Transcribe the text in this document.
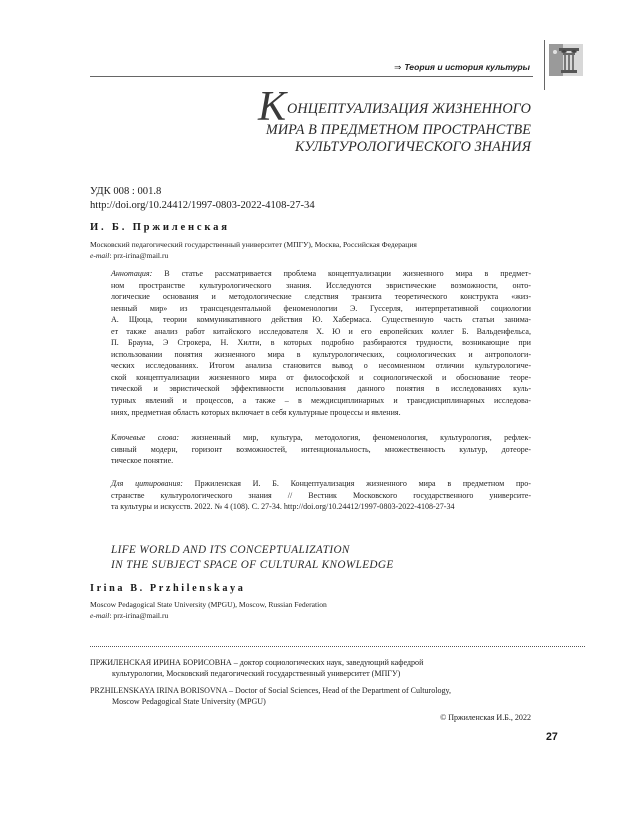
⇒ Теория и история культуры
КОНЦЕПТУАЛИЗАЦИЯ ЖИЗНЕННОГО
МИРА В ПРЕДМЕТНОМ ПРОСТРАНСТВЕ
КУЛЬТУРОЛОГИЧЕСКОГО ЗНАНИЯ
УДК 008 : 001.8
http://doi.org/10.24412/1997-0803-2022-4108-27-34
И. Б. Пржиленская
Московский педагогический государственный университет (МПГУ), Москва, Российская Федерация
e-mail: prz-irina@mail.ru
Аннотация: В статье рассматривается проблема концептуализации жизненного мира в предмет-
ном пространстве культурологического знания. Исследуются эвристические возможности, онто-
логические основания и методологические следствия транзита теоретического конструкта «жиз-
ненный мир» из трансцендентальной феноменологии Э. Гуссерля, интерпретативной социологии
А. Щюца, теории коммуникативного действия Ю. Хабермаса. Существенную часть статьи занима-
ет также анализ работ китайского исследователя Х. Ю и его европейских коллег Б. Вальденфельса,
П. Брауна, Э Строкера, Н. Хилти, в которых подробно разбираются трудности, возникающие при
использовании понятия жизненного мира в культурологических, социологических и антропологи-
ческих исследованиях. Итогом анализа становится вывод о несомненном отличии культурологиче-
ской концептуализации жизненного мира от философской и социологической и обоснование теоре-
тической и эвристической эффективности использования данного понятия в исследованиях куль-
турных явлений и процессов, а также – в междисциплинарных и трансдисциплинарных исследова-
ниях, предметная область которых включает в себя культурные процессы и явления.
Ключевые слова: жизненный мир, культура, методология, феноменология, культурология, рефлек-
сивный модерн, горизонт возможностей, интенциональность, множественность культур, дотеоре-
тическое понятие.
Для цитирования: Пржиленская И. Б. Концептуализация жизненного мира в предметном про-
странстве культурологического знания // Вестник Московского государственного университе-
та культуры и искусств. 2022. № 4 (108). С. 27-34. http://doi.org/10.24412/1997-0803-2022-4108-27-34
LIFE WORLD AND ITS CONCEPTUALIZATION
IN THE SUBJECT SPACE OF CULTURAL KNOWLEDGE
Irina B. Przhilenskaya
Moscow Pedagogical State University (MPGU), Moscow, Russian Federation
e-mail: prz-irina@mail.ru
ПРЖИЛЕНСКАЯ ИРИНА БОРИСОВНА – доктор социологических наук, заведующий кафедрой
культурологии, Московский педагогический государственный университет (МПГУ)
PRZHILENSKAYA IRINA BORISOVNA – Doctor of Social Sciences, Head of the Department of Culturology,
Moscow Pedagogical State University (MPGU)
© Пржиленская И.Б., 2022
27
